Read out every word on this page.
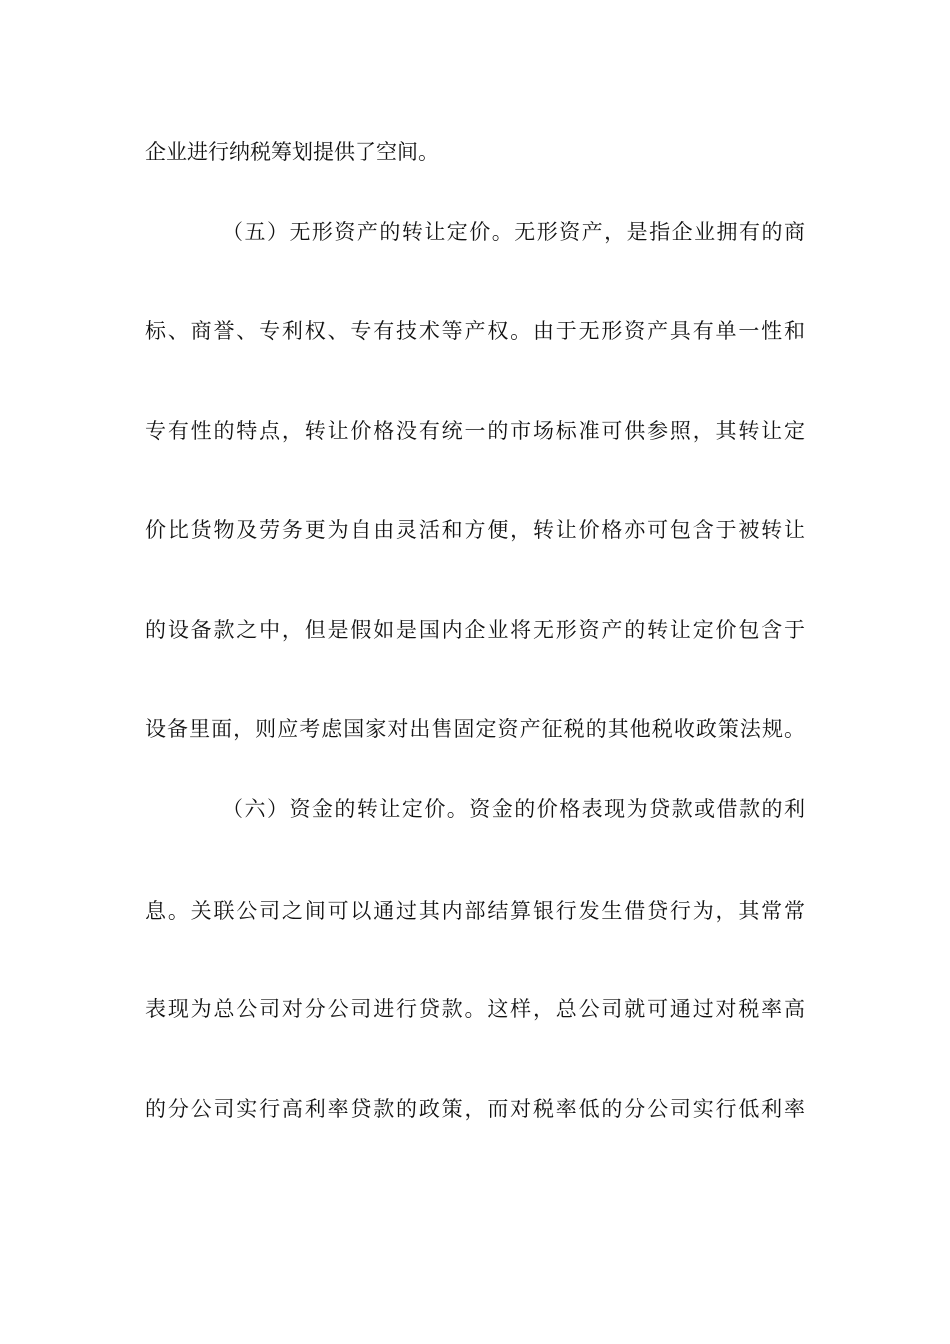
企业进行纳税筹划提供了空间。
（五）无形资产的转让定价。无形资产，是指企业拥有的商
标、商誉、专利权、专有技术等产权。由于无形资产具有单一性和
专有性的特点，转让价格没有统一的市场标准可供参照，其转让定
价比货物及劳务更为自由灵活和方便，转让价格亦可包含于被转让
的设备款之中，但是假如是国内企业将无形资产的转让定价包含于
设备里面，则应考虑国家对出售固定资产征税的其他税收政策法规。
（六）资金的转让定价。资金的价格表现为贷款或借款的利
息。关联公司之间可以通过其内部结算银行发生借贷行为，其常常
表现为总公司对分公司进行贷款。这样，总公司就可通过对税率高
的分公司实行高利率贷款的政策，而对税率低的分公司实行低利率
